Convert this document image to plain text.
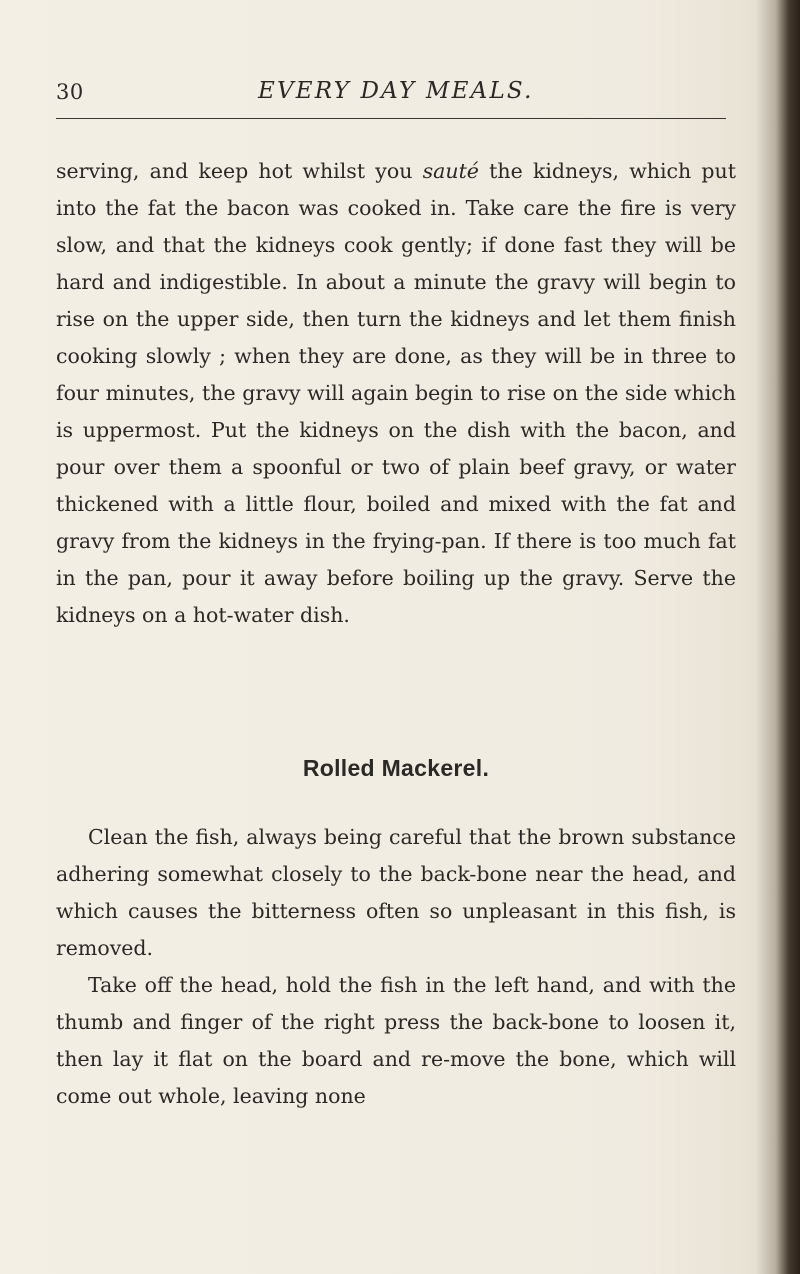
30	EVERY DAY MEALS.

serving, and keep hot whilst you sauté the kidneys, which put into the fat the bacon was cooked in. Take care the fire is very slow, and that the kidneys cook gently; if done fast they will be hard and indigestible. In about a minute the gravy will begin to rise on the upper side, then turn the kidneys and let them finish cooking slowly ; when they are done, as they will be in three to four minutes, the gravy will again begin to rise on the side which is uppermost. Put the kidneys on the dish with the bacon, and pour over them a spoonful or two of plain beef gravy, or water thickened with a little flour, boiled and mixed with the fat and gravy from the kidneys in the frying-pan. If there is too much fat in the pan, pour it away before boiling up the gravy. Serve the kidneys on a hot-water dish.

Rolled Mackerel.

Clean the fish, always being careful that the brown substance adhering somewhat closely to the back-bone near the head, and which causes the bitterness often so unpleasant in this fish, is removed.

Take off the head, hold the fish in the left hand, and with the thumb and finger of the right press the back-bone to loosen it, then lay it flat on the board and re-move the bone, which will come out whole, leaving none
